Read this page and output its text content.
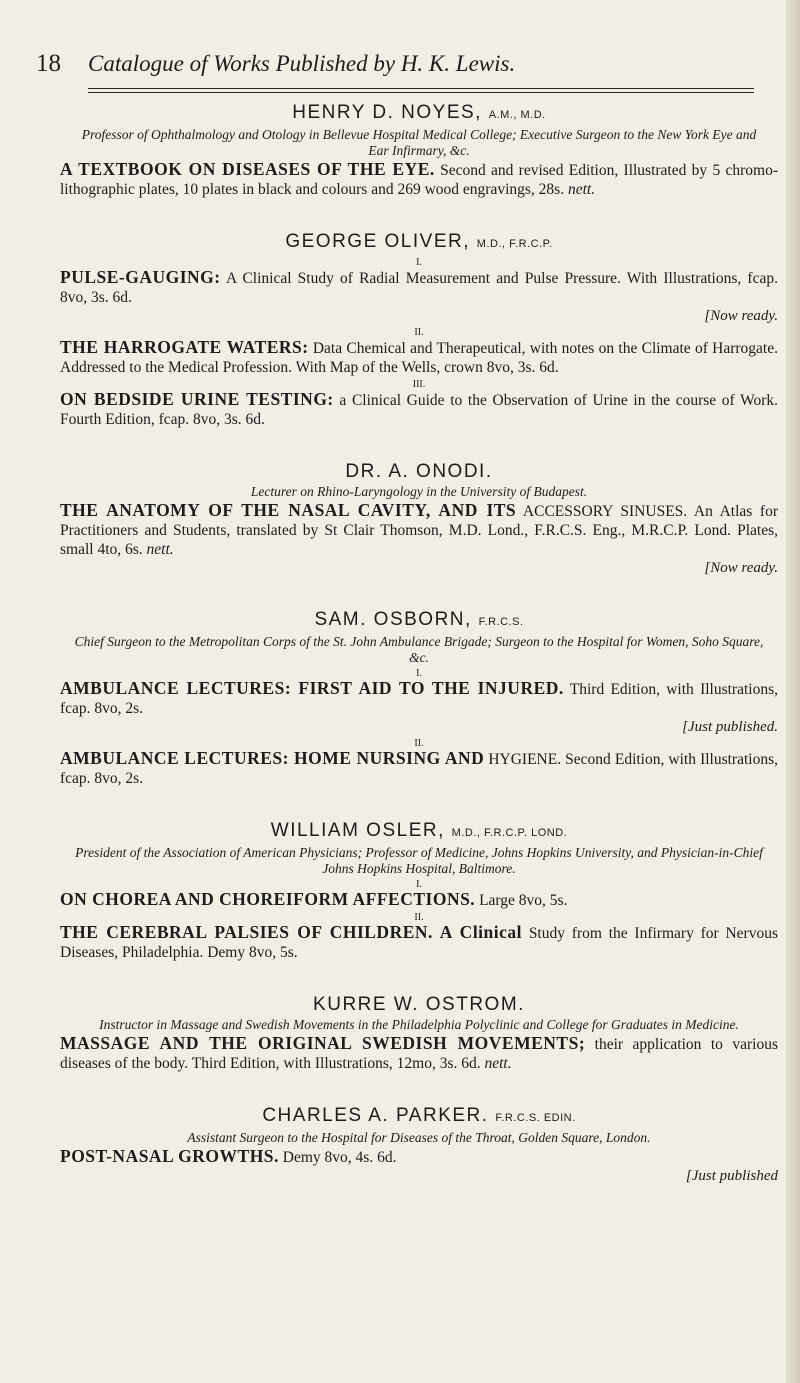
18 Catalogue of Works Published by H. K. Lewis.
HENRY D. NOYES, A.M., M.D.
Professor of Ophthalmology and Otology in Bellevue Hospital Medical College; Executive Surgeon to the New York Eye and Ear Infirmary, &c.
A TEXTBOOK ON DISEASES OF THE EYE. Second and revised Edition, Illustrated by 5 chromo-lithographic plates, 10 plates in black and colours and 269 wood engravings, 28s. nett.
GEORGE OLIVER, M.D., F.R.C.P.
I.
PULSE-GAUGING: A Clinical Study of Radial Measurement and Pulse Pressure. With Illustrations, fcap. 8vo, 3s. 6d.
[Now ready.
II.
THE HARROGATE WATERS: Data Chemical and Therapeutical, with notes on the Climate of Harrogate. Addressed to the Medical Profession. With Map of the Wells, crown 8vo, 3s. 6d.
III.
ON BEDSIDE URINE TESTING: a Clinical Guide to the Observation of Urine in the course of Work. Fourth Edition, fcap. 8vo, 3s. 6d.
DR. A. ONODI.
Lecturer on Rhino-Laryngology in the University of Budapest.
THE ANATOMY OF THE NASAL CAVITY, AND ITS ACCESSORY SINUSES. An Atlas for Practitioners and Students, translated by St Clair Thomson, M.D. Lond., F.R.C.S. Eng., M.R.C.P. Lond. Plates, small 4to, 6s. nett.
[Now ready.
SAM. OSBORN, F.R.C.S.
Chief Surgeon to the Metropolitan Corps of the St. John Ambulance Brigade; Surgeon to the Hospital for Women, Soho Square, &c.
I.
AMBULANCE LECTURES: FIRST AID TO THE INJURED. Third Edition, with Illustrations, fcap. 8vo, 2s.
[Just published.
II.
AMBULANCE LECTURES: HOME NURSING AND HYGIENE. Second Edition, with Illustrations, fcap. 8vo, 2s.
WILLIAM OSLER, M.D., F.R.C.P. LOND.
President of the Association of American Physicians; Professor of Medicine, Johns Hopkins University, and Physician-in-Chief Johns Hopkins Hospital, Baltimore.
I.
ON CHOREA AND CHOREIFORM AFFECTIONS. Large 8vo, 5s.
II.
THE CEREBRAL PALSIES OF CHILDREN. A Clinical Study from the Infirmary for Nervous Diseases, Philadelphia. Demy 8vo, 5s.
KURRE W. OSTROM.
Instructor in Massage and Swedish Movements in the Philadelphia Polyclinic and College for Graduates in Medicine.
MASSAGE AND THE ORIGINAL SWEDISH MOVEMENTS; their application to various diseases of the body. Third Edition, with Illustrations, 12mo, 3s. 6d. nett.
CHARLES A. PARKER. F.R.C.S. EDIN.
Assistant Surgeon to the Hospital for Diseases of the Throat, Golden Square, London.
POST-NASAL GROWTHS. Demy 8vo, 4s. 6d.
[Just published
